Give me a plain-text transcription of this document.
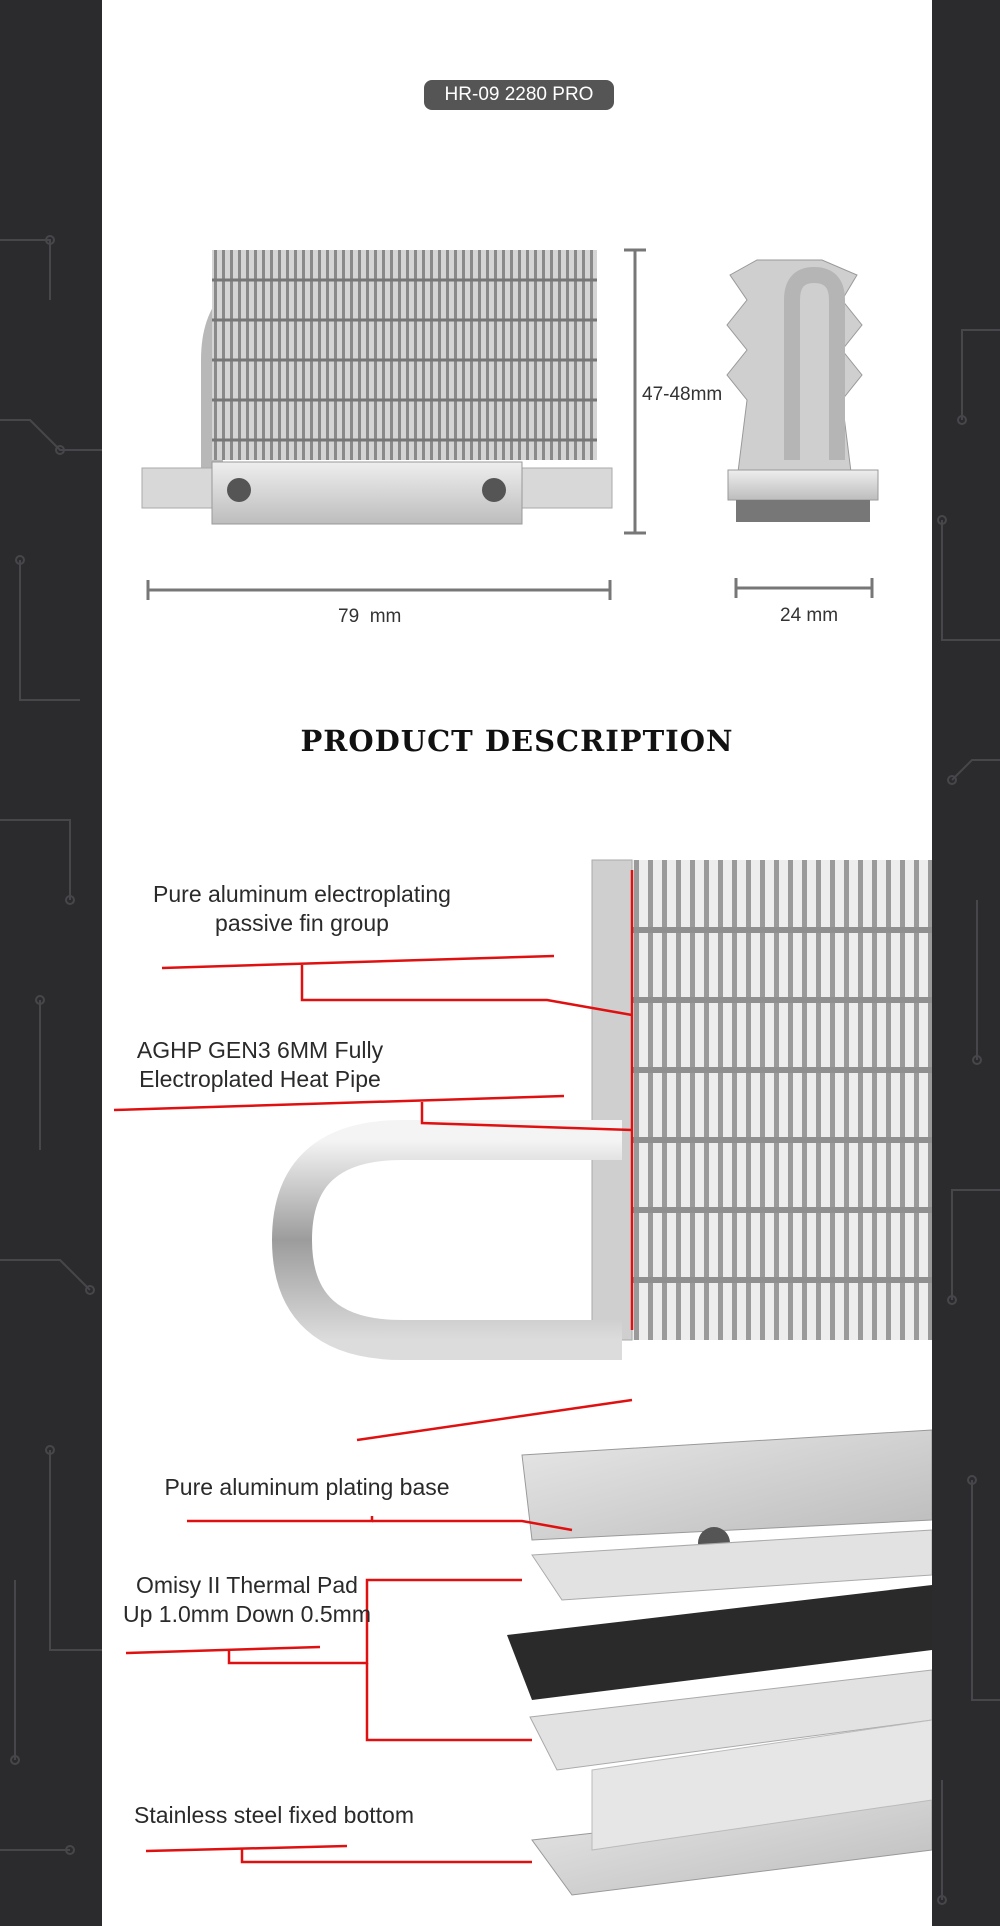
HR-09 2280 PRO
47-48mm
79  mm	24 mm
PRODUCT DESCRIPTION
Pure aluminum electroplating
passive fin group
AGHP GEN3 6MM Fully
Electroplated Heat Pipe
Pure aluminum plating base
Omisy II Thermal Pad
Up 1.0mm Down 0.5mm
Stainless steel fixed bottom
